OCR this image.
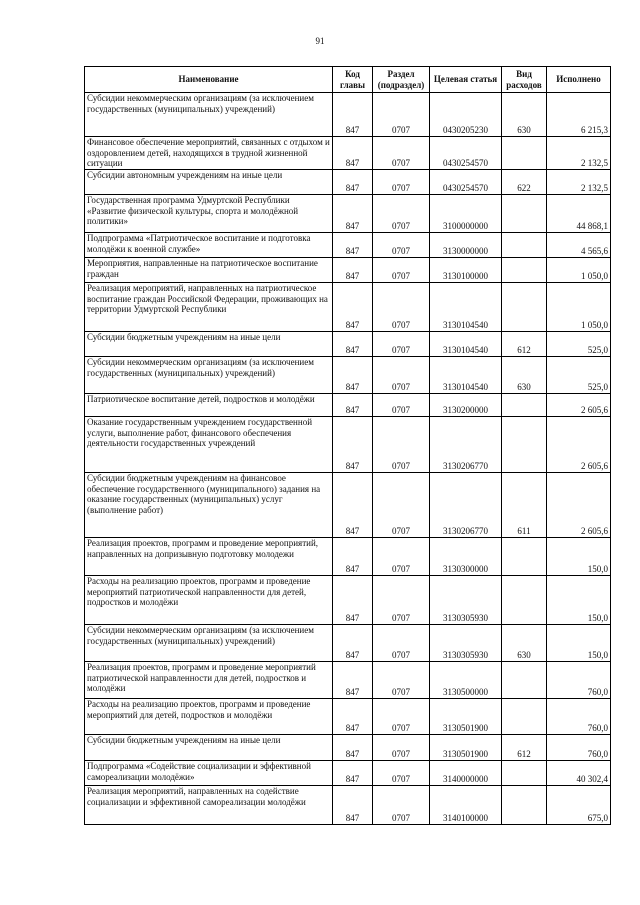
91
Наименование	Код главы	Раздел (подраздел)	Целевая статья	Вид расходов	Исполнено
Субсидии некоммерческим организациям (за исключением государственных (муниципальных) учреждений)	847	0707	0430205230	630	6 215,3
Финансовое обеспечение мероприятий, связанных с отдыхом и оздоровлением детей, находящихся в трудной жизненной ситуации	847	0707	0430254570		2 132,5
Субсидии автономным учреждениям на иные цели	847	0707	0430254570	622	2 132,5
Государственная программа Удмуртской Республики «Развитие физической культуры, спорта и молодёжной политики»	847	0707	3100000000		44 868,1
Подпрограмма «Патриотическое воспитание и подготовка молодёжи к военной службе»	847	0707	3130000000		4 565,6
Мероприятия, направленные на патриотическое воспитание граждан	847	0707	3130100000		1 050,0
Реализация мероприятий, направленных на патриотическое воспитание граждан Российской Федерации, проживающих на территории Удмуртской Республики	847	0707	3130104540		1 050,0
Субсидии бюджетным учреждениям на иные цели	847	0707	3130104540	612	525,0
Субсидии некоммерческим организациям (за исключением государственных (муниципальных) учреждений)	847	0707	3130104540	630	525,0
Патриотическое воспитание детей, подростков и молодёжи	847	0707	3130200000		2 605,6
Оказание государственным учреждением государственной услуги, выполнение работ, финансового обеспечения деятельности государственных учреждений	847	0707	3130206770		2 605,6
Субсидии бюджетным учреждениям на финансовое обеспечение государственного (муниципального) задания на оказание государственных (муниципальных) услуг (выполнение работ)	847	0707	3130206770	611	2 605,6
Реализация проектов, программ и проведение мероприятий, направленных на допризывную подготовку молодежи	847	0707	3130300000		150,0
Расходы на реализацию проектов, программ и проведение мероприятий патриотической направленности для детей, подростков и молодёжи	847	0707	3130305930		150,0
Субсидии некоммерческим организациям (за исключением государственных (муниципальных) учреждений)	847	0707	3130305930	630	150,0
Реализация проектов, программ и проведение мероприятий патриотической направленности для детей, подростков и молодёжи	847	0707	3130500000		760,0
Расходы на реализацию проектов, программ и проведение мероприятий для детей, подростков и молодёжи	847	0707	3130501900		760,0
Субсидии бюджетным учреждениям на иные цели	847	0707	3130501900	612	760,0
Подпрограмма «Содействие социализации и эффективной самореализации молодёжи»	847	0707	3140000000		40 302,4
Реализация мероприятий, направленных на содействие социализации и эффективной самореализации молодёжи	847	0707	3140100000		675,0
